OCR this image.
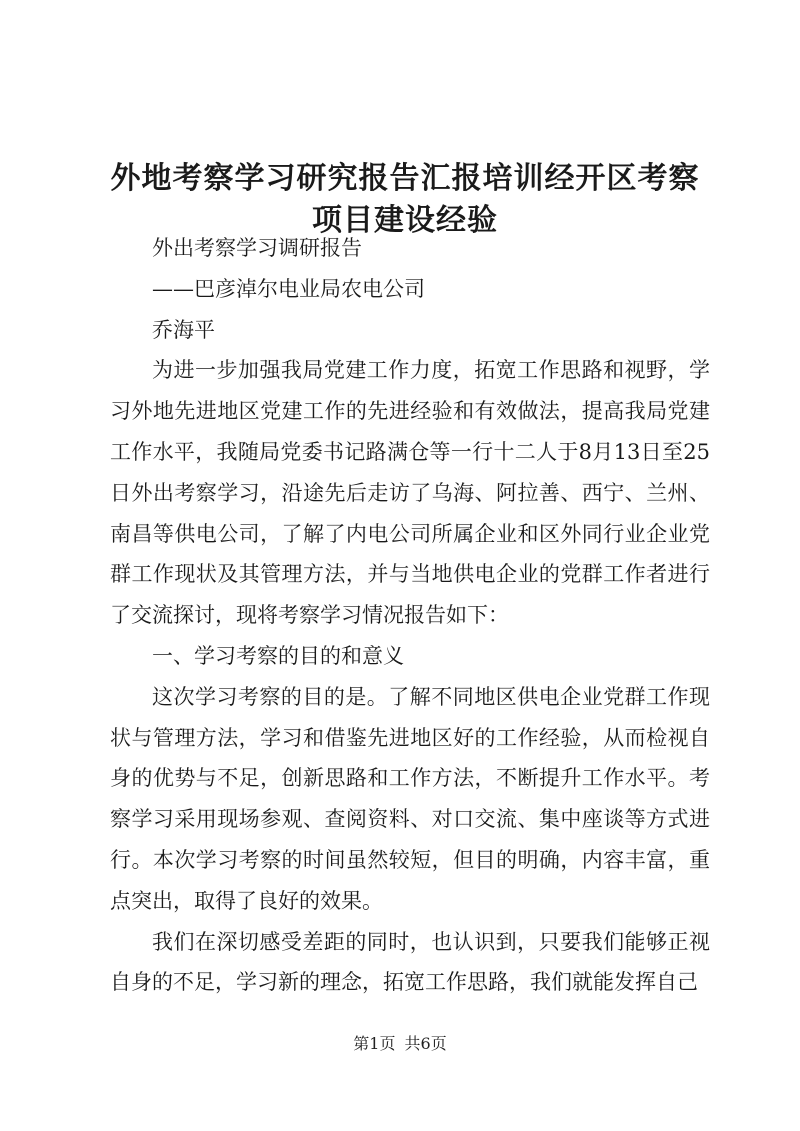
外地考察学习研究报告汇报培训经开区考察项目建设经验

外出考察学习调研报告

——巴彦淖尔电业局农电公司

乔海平

为进一步加强我局党建工作力度，拓宽工作思路和视野，学习外地先进地区党建工作的先进经验和有效做法，提高我局党建工作水平，我随局党委书记路满仓等一行十二人于8月13日至25日外出考察学习，沿途先后走访了乌海、阿拉善、西宁、兰州、南昌等供电公司，了解了内电公司所属企业和区外同行业企业党群工作现状及其管理方法，并与当地供电企业的党群工作者进行了交流探讨，现将考察学习情况报告如下：

一、学习考察的目的和意义

这次学习考察的目的是。了解不同地区供电企业党群工作现状与管理方法，学习和借鉴先进地区好的工作经验，从而检视自身的优势与不足，创新思路和工作方法，不断提升工作水平。考察学习采用现场参观、查阅资料、对口交流、集中座谈等方式进行。本次学习考察的时间虽然较短，但目的明确，内容丰富，重点突出，取得了良好的效果。

我们在深切感受差距的同时，也认识到，只要我们能够正视自身的不足，学习新的理念，拓宽工作思路，我们就能发挥自己

第1页 共6页
